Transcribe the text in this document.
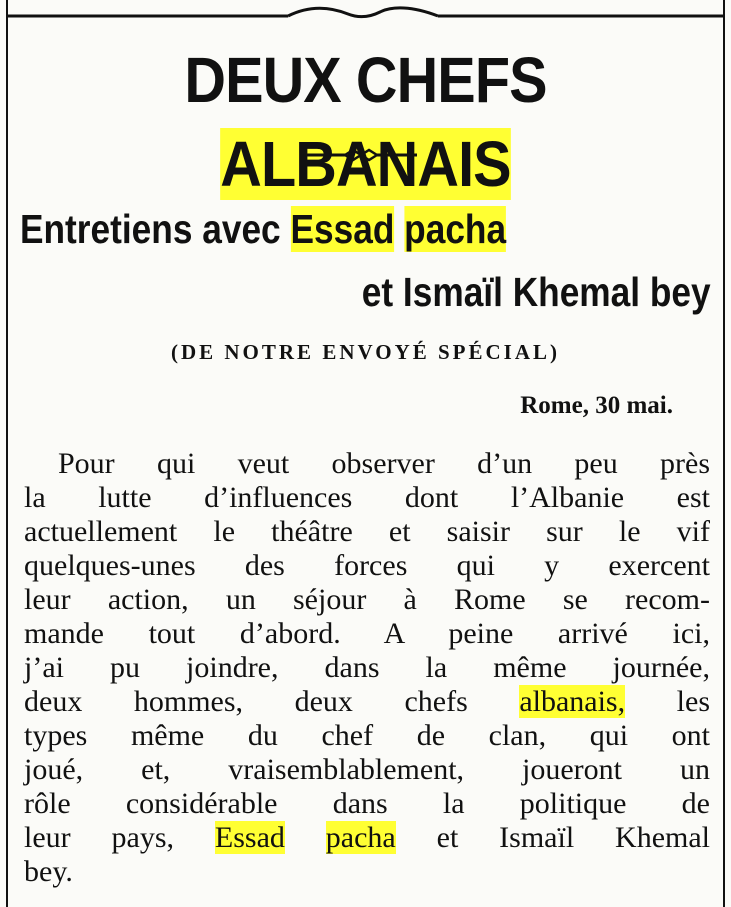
DEUX CHEFS ALBANAIS
Entretiens avec Essad pacha
et Ismaïl Khemal bey
(DE NOTRE ENVOYÉ SPÉCIAL)
Rome, 30 mai.
Pour qui veut observer d’un peu près
la lutte d’influences dont l’Albanie est
actuellement le théâtre et saisir sur le vif
quelques-unes des forces qui y exercent
leur action, un séjour à Rome se recom-
mande tout d’abord. A peine arrivé ici,
j’ai pu joindre, dans la même journée,
deux hommes, deux chefs albanais, les
types même du chef de clan, qui ont
joué, et, vraisemblablement, joueront un
rôle considérable dans la politique de
leur pays, Essad pacha et Ismaïl Khemal
bey.
